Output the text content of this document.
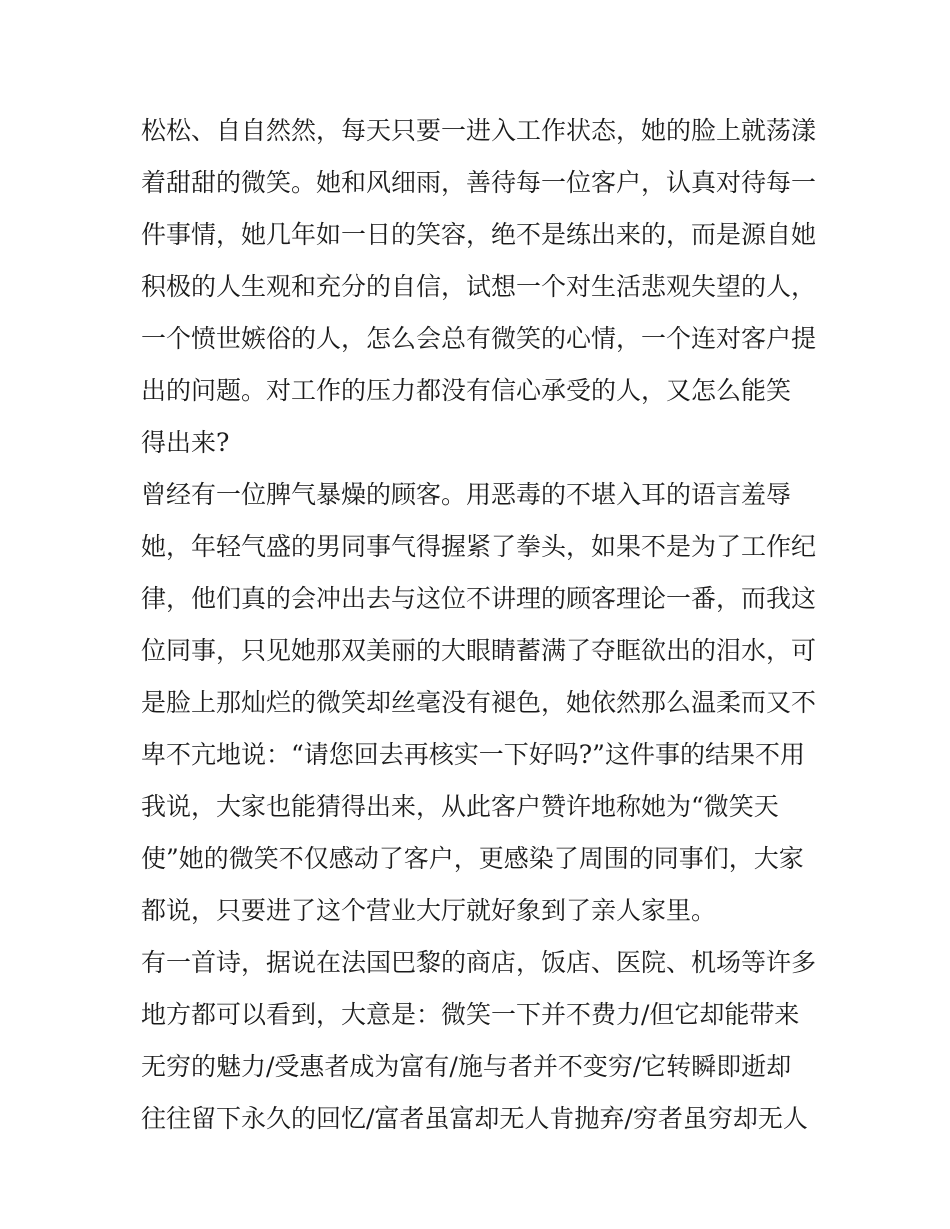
松松、自自然然，每天只要一进入工作状态，她的脸上就荡漾
着甜甜的微笑。她和风细雨，善待每一位客户，认真对待每一
件事情，她几年如一日的笑容，绝不是练出来的，而是源自她
积极的人生观和充分的自信，试想一个对生活悲观失望的人，
一个愤世嫉俗的人，怎么会总有微笑的心情，一个连对客户提
出的问题。对工作的压力都没有信心承受的人，又怎么能笑
得出来?
曾经有一位脾气暴燥的顾客。用恶毒的不堪入耳的语言羞辱
她，年轻气盛的男同事气得握紧了拳头，如果不是为了工作纪
律，他们真的会冲出去与这位不讲理的顾客理论一番，而我这
位同事，只见她那双美丽的大眼睛蓄满了夺眶欲出的泪水，可
是脸上那灿烂的微笑却丝毫没有褪色，她依然那么温柔而又不
卑不亢地说：“请您回去再核实一下好吗?”这件事的结果不用
我说，大家也能猜得出来，从此客户赞许地称她为“微笑天
使”她的微笑不仅感动了客户，更感染了周围的同事们，大家
都说，只要进了这个营业大厅就好象到了亲人家里。
有一首诗，据说在法国巴黎的商店，饭店、医院、机场等许多
地方都可以看到，大意是：微笑一下并不费力/但它却能带来
无穷的魅力/受惠者成为富有/施与者并不变穷/它转瞬即逝却
往往留下永久的回忆/富者虽富却无人肯抛弃/穷者虽穷却无人
